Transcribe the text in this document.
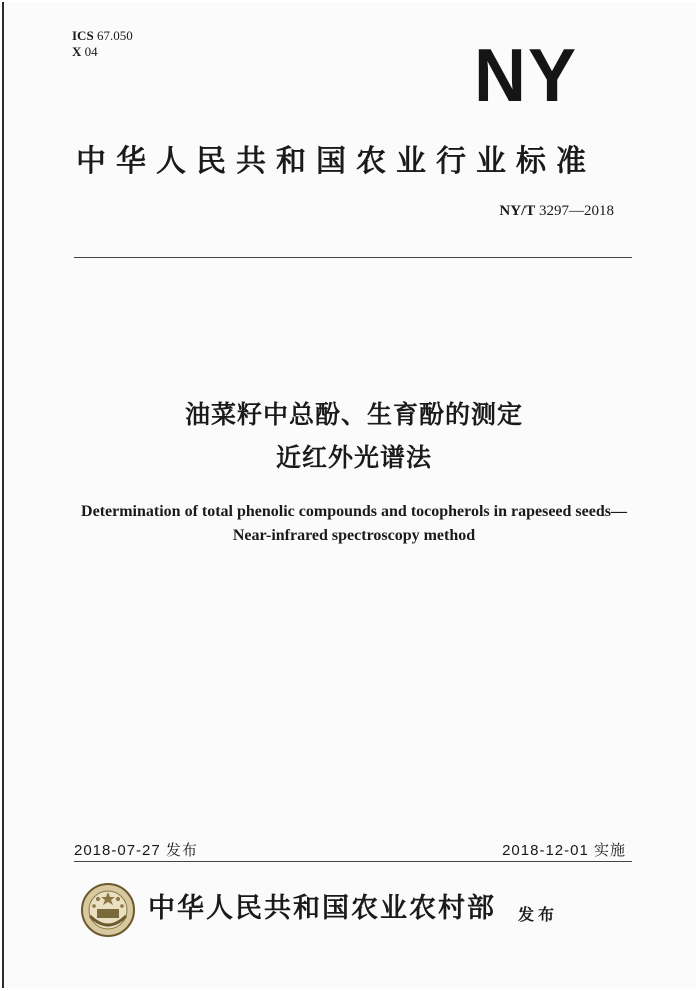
ICS 67.050
X 04	NY
中华人民共和国农业行业标准
NY/T 3297—2018
油菜籽中总酚、生育酚的测定
近红外光谱法
Determination of total phenolic compounds and tocopherols in rapeseed seeds—
Near-infrared spectroscopy method
2018-07-27 发布	2018-12-01 实施
中华人民共和国农业农村部 发布
